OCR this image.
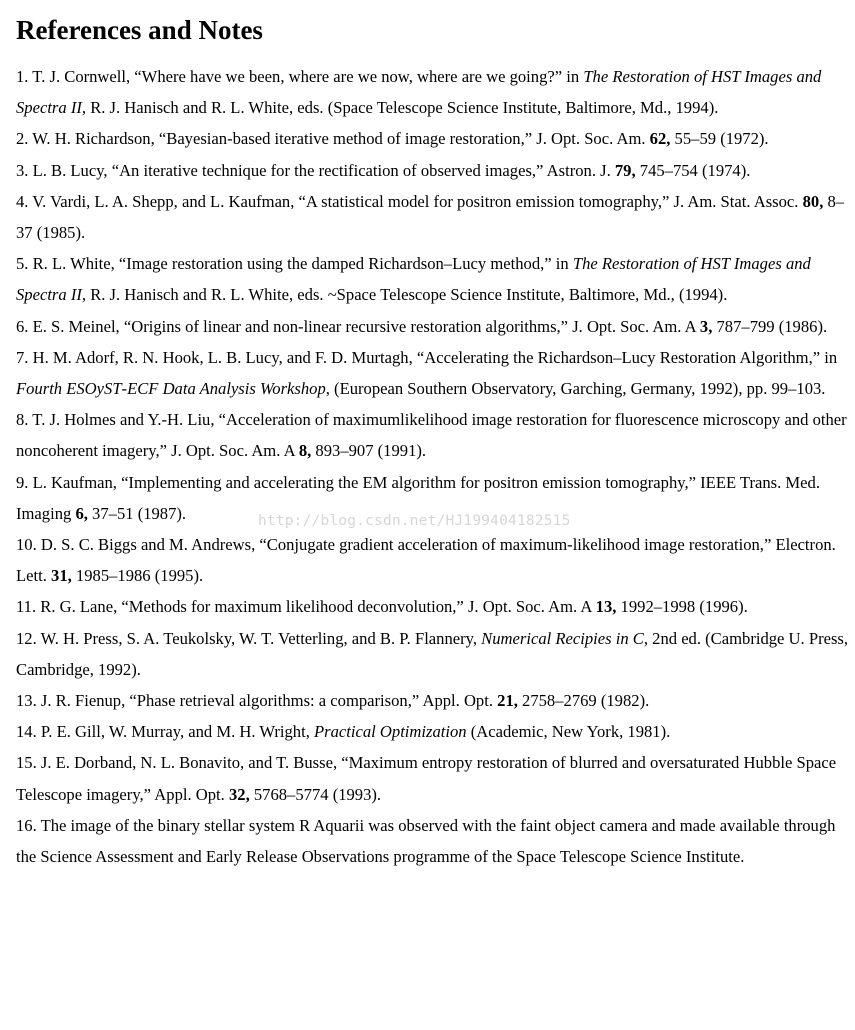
References and Notes

1. T. J. Cornwell, “Where have we been, where are we now, where are we going?” in The Restoration of HST Images and Spectra II, R. J. Hanisch and R. L. White, eds. (Space Telescope Science Institute, Baltimore, Md., 1994).

2. W. H. Richardson, “Bayesian-based iterative method of image restoration,” J. Opt. Soc. Am. 62, 55–59 (1972).

3. L. B. Lucy, “An iterative technique for the rectification of observed images,” Astron. J. 79, 745–754 (1974).

4. V. Vardi, L. A. Shepp, and L. Kaufman, “A statistical model for positron emission tomography,” J. Am. Stat. Assoc. 80, 8–37 (1985).

5. R. L. White, “Image restoration using the damped Richardson–Lucy method,” in The Restoration of HST Images and Spectra II, R. J. Hanisch and R. L. White, eds. ~Space Telescope Science Institute, Baltimore, Md., (1994).

6. E. S. Meinel, “Origins of linear and non-linear recursive restoration algorithms,” J. Opt. Soc. Am. A 3, 787–799 (1986).

7. H. M. Adorf, R. N. Hook, L. B. Lucy, and F. D. Murtagh, “Accelerating the Richardson–Lucy Restoration Algorithm,” in Fourth ESOySТ-ECF Data Analysis Workshop, (European Southern Observatory, Garching, Germany, 1992), pp. 99–103.

8. T. J. Holmes and Y.-H. Liu, “Acceleration of maximumlikelihood image restoration for fluorescence microscopy and other noncoherent imagery,” J. Opt. Soc. Am. A 8, 893–907 (1991).

9. L. Kaufman, “Implementing and accelerating the EM algorithm for positron emission tomography,” IEEE Trans. Med. Imaging 6, 37–51 (1987).

10. D. S. C. Biggs and M. Andrews, “Conjugate gradient acceleration of maximum-likelihood image restoration,” Electron. Lett. 31, 1985–1986 (1995).

11. R. G. Lane, “Methods for maximum likelihood deconvolution,” J. Opt. Soc. Am. A 13, 1992–1998 (1996).

12. W. H. Press, S. A. Teukolsky, W. T. Vetterling, and B. P. Flannery, Numerical Recipies in C, 2nd ed. (Cambridge U. Press, Cambridge, 1992).

13. J. R. Fienup, “Phase retrieval algorithms: a comparison,” Appl. Opt. 21, 2758–2769 (1982).

14. P. E. Gill, W. Murray, and M. H. Wright, Practical Optimization (Academic, New York, 1981).

15. J. E. Dorband, N. L. Bonavito, and T. Busse, “Maximum entropy restoration of blurred and oversaturated Hubble Space Telescope imagery,” Appl. Opt. 32, 5768–5774 (1993).

16. The image of the binary stellar system R Aquarii was observed with the faint object camera and made available through the Science Assessment and Early Release Observations programme of the Space Telescope Science Institute.

http://blog.csdn.net/HJ199404182515
